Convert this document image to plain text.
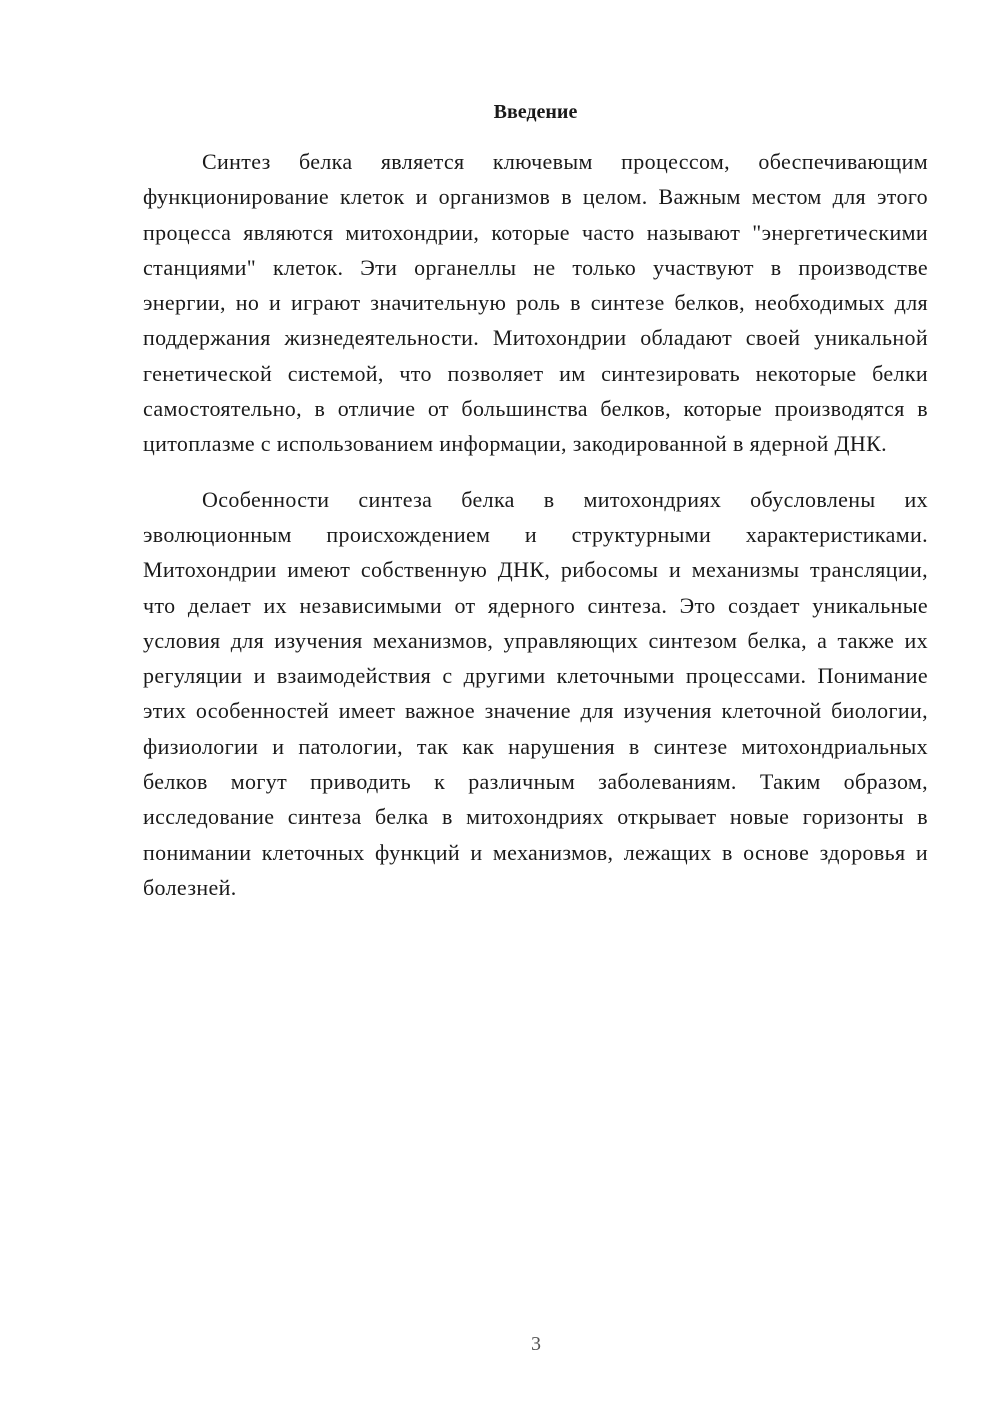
Введение

Синтез белка является ключевым процессом, обеспечивающим функционирование клеток и организмов в целом. Важным местом для этого процесса являются митохондрии, которые часто называют "энергетическими станциями" клеток. Эти органеллы не только участвуют в производстве энергии, но и играют значительную роль в синтезе белков, необходимых для поддержания жизнедеятельности. Митохондрии обладают своей уникальной генетической системой, что позволяет им синтезировать некоторые белки самостоятельно, в отличие от большинства белков, которые производятся в цитоплазме с использованием информации, закодированной в ядерной ДНК.

Особенности синтеза белка в митохондриях обусловлены их эволюционным происхождением и структурными характеристиками. Митохондрии имеют собственную ДНК, рибосомы и механизмы трансляции, что делает их независимыми от ядерного синтеза. Это создает уникальные условия для изучения механизмов, управляющих синтезом белка, а также их регуляции и взаимодействия с другими клеточными процессами. Понимание этих особенностей имеет важное значение для изучения клеточной биологии, физиологии и патологии, так как нарушения в синтезе митохондриальных белков могут приводить к различным заболеваниям. Таким образом, исследование синтеза белка в митохондриях открывает новые горизонты в понимании клеточных функций и механизмов, лежащих в основе здоровья и болезней.

3
